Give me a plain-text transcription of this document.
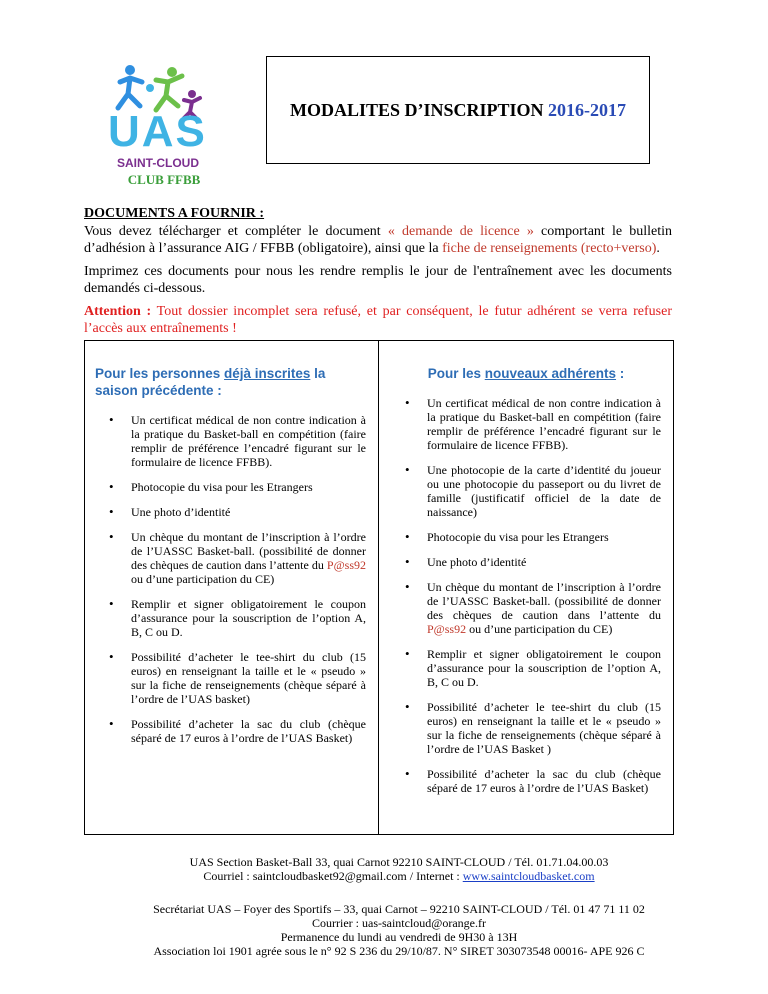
UAS
SAINT-CLOUD
CLUB FFBB
MODALITES D’INSCRIPTION 2016-2017

DOCUMENTS A FOURNIR :

Vous devez télécharger et compléter le document « demande de licence » comportant le bulletin d’adhésion à l’assurance AIG / FFBB (obligatoire), ainsi que la fiche de renseignements (recto+verso).

Imprimez ces documents pour nous les rendre remplis le jour de l'entraînement avec les documents demandés ci-dessous.

Attention : Tout dossier incomplet sera refusé, et par conséquent, le futur adhérent se verra refuser l’accès aux entraînements !

Pour les personnes déjà inscrites la saison précédente :
• Un certificat médical de non contre indication à la pratique du Basket-ball en compétition (faire remplir de préférence l’encadré figurant sur le formulaire de licence FFBB).
• Photocopie du visa pour les Etrangers
• Une photo d’identité
• Un chèque du montant de l’inscription à l’ordre de l’UASSC Basket-ball. (possibilité de donner des chèques de caution dans l’attente du P@ss92 ou d’une participation du CE)
• Remplir et signer obligatoirement le coupon d’assurance pour la souscription de l’option A, B, C ou D.
• Possibilité d’acheter le tee-shirt du club (15 euros) en renseignant la taille et le « pseudo » sur la fiche de renseignements (chèque séparé à l’ordre de l’UAS basket)
• Possibilité d’acheter la sac du club (chèque séparé de 17 euros à l’ordre de l’UAS Basket)
Pour les nouveaux adhérents :
• Un certificat médical de non contre indication à la pratique du Basket-ball en compétition (faire remplir de préférence l’encadré figurant sur le formulaire de licence FFBB).
• Une photocopie de la carte d’identité du joueur ou une photocopie du passeport ou du livret de famille (justificatif officiel de la date de naissance)
• Photocopie du visa pour les Etrangers
• Une photo d’identité
• Un chèque du montant de l’inscription à l’ordre de l’UASSC Basket-ball. (possibilité de donner des chèques de caution dans l’attente du P@ss92 ou d’une participation du CE)
• Remplir et signer obligatoirement le coupon d’assurance pour la souscription de l’option A, B, C ou D.
• Possibilité d’acheter le tee-shirt du club (15 euros) en renseignant la taille et le « pseudo » sur la fiche de renseignements (chèque séparé à l’ordre de l’UAS Basket )
• Possibilité d’acheter la sac du club (chèque séparé de 17 euros à l’ordre de l’UAS Basket)
UAS Section Basket-Ball 33, quai Carnot 92210 SAINT-CLOUD / Tél. 01.71.04.00.03
Courriel : saintcloudbasket92@gmail.com / Internet : www.saintcloudbasket.com
Secrétariat UAS – Foyer des Sportifs – 33, quai Carnot – 92210 SAINT-CLOUD / Tél. 01 47 71 11 02
Courrier : uas-saintcloud@orange.fr
Permanence du lundi au vendredi de 9H30 à 13H
Association loi 1901 agrée sous le n° 92 S 236 du 29/10/87. N° SIRET 303073548 00016- APE 926 C
